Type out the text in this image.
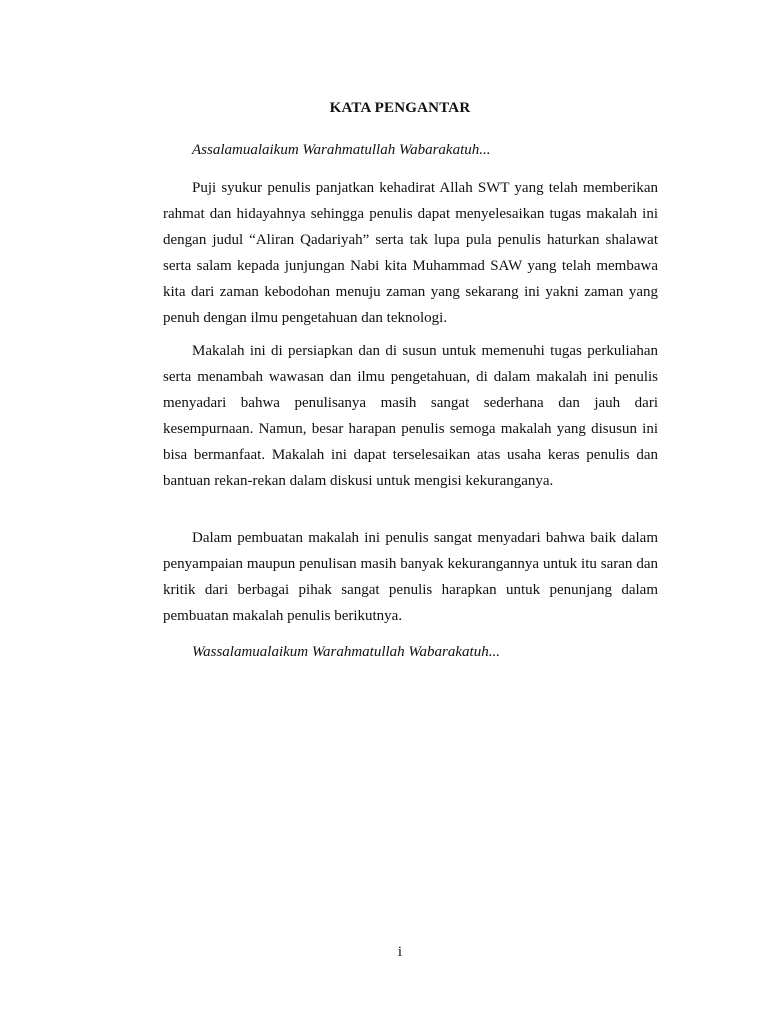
KATA PENGANTAR
Assalamualaikum Warahmatullah Wabarakatuh...
Puji syukur penulis panjatkan kehadirat Allah SWT yang telah memberikan rahmat dan hidayahnya sehingga penulis dapat menyelesaikan tugas makalah ini dengan judul “Aliran Qadariyah” serta tak lupa pula penulis haturkan shalawat serta salam kepada junjungan Nabi kita Muhammad SAW yang telah membawa kita dari zaman kebodohan menuju zaman yang sekarang ini yakni zaman yang penuh dengan ilmu pengetahuan dan teknologi.
Makalah ini di persiapkan dan di susun untuk memenuhi tugas perkuliahan serta menambah wawasan dan ilmu pengetahuan, di dalam makalah ini penulis menyadari bahwa penulisanya masih sangat sederhana dan jauh dari kesempurnaan. Namun, besar harapan penulis semoga makalah yang disusun ini bisa bermanfaat. Makalah ini dapat terselesaikan atas usaha keras penulis dan bantuan rekan-rekan dalam diskusi untuk mengisi kekuranganya.
Dalam pembuatan makalah ini penulis sangat menyadari bahwa baik dalam penyampaian maupun penulisan masih banyak kekurangannya untuk itu saran dan kritik dari berbagai pihak sangat penulis harapkan untuk penunjang dalam pembuatan makalah penulis berikutnya.
Wassalamualaikum Warahmatullah Wabarakatuh...
i
